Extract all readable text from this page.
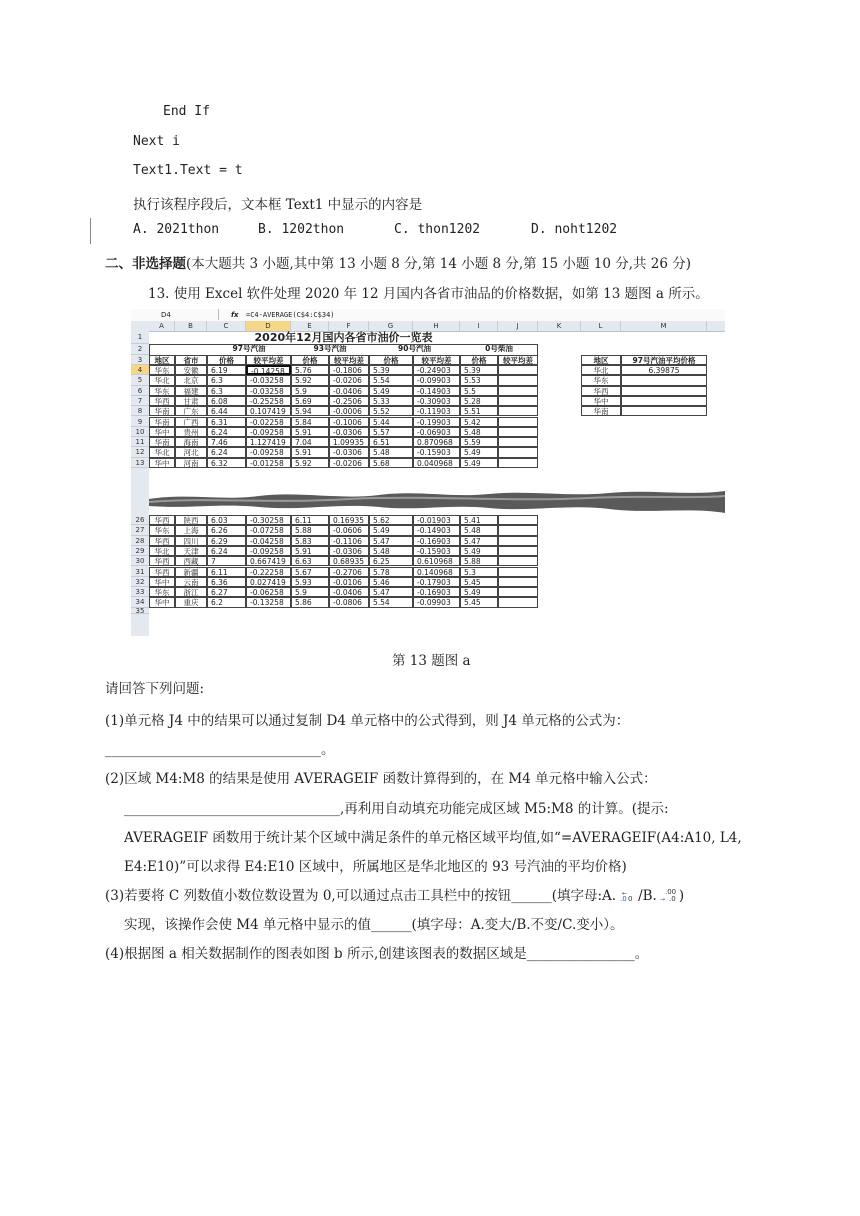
End If
Next i
Text1.Text = t
执行该程序段后，文本框 Text1 中显示的内容是
A. 2021thon	B. 1202thon	C. thon1202	D. noht1202
二、非选择题(本大题共 3 小题,其中第 13 小题 8 分,第 14 小题 8 分,第 15 小题 10 分,共 26 分)
13. 使用 Excel 软件处理 2020 年 12 月国内各省市油品的价格数据，如第 13 题图 a 所示。
D4	fx =C4-AVERAGE(C$4:C$34)
A	B	C	D	E	F	G	H	I	J	K	L	M
1
2
3
4
5
6
7
8
9
10
11
12
13
26
27
28
29
30
31
32
33
34
35
2020年12月国内各省市油价一览表
97号汽油	93号汽油	90号汽油	0号柴油
地区	省市	价格	较平均差	价格	较平均差	价格	较平均差	价格	较平均差
华东	安徽	6.19	-0.14258	5.76	-0.1806	5.39	-0.24903	5.39
华北	北京	6.3	-0.03258	5.92	-0.0206	5.54	-0.09903	5.53
华东	福建	6.3	-0.03258	5.9	-0.0406	5.49	-0.14903	5.5
华西	甘肃	6.08	-0.25258	5.69	-0.2506	5.33	-0.30903	5.28
华南	广东	6.44	0.107419	5.94	-0.0006	5.52	-0.11903	5.51
华南	广西	6.31	-0.02258	5.84	-0.1006	5.44	-0.19903	5.42
华中	贵州	6.24	-0.09258	5.91	-0.0306	5.57	-0.06903	5.48
华南	海南	7.46	1.127419	7.04	1.09935	6.51	0.870968	5.59
华北	河北	6.24	-0.09258	5.91	-0.0306	5.48	-0.15903	5.49
华中	河南	6.32	-0.01258	5.92	-0.0206	5.68	0.040968	5.49
华西	陕西	6.03	-0.30258	6.11	0.16935	5.62	-0.01903	5.41
华东	上海	6.26	-0.07258	5.88	-0.0606	5.49	-0.14903	5.48
华西	四川	6.29	-0.04258	5.83	-0.1106	5.47	-0.16903	5.47
华北	天津	6.24	-0.09258	5.91	-0.0306	5.48	-0.15903	5.49
华西	西藏	7	0.667419	6.63	0.68935	6.25	0.610968	5.88
华西	新疆	6.11	-0.22258	5.67	-0.2706	5.78	0.140968	5.3
华中	云南	6.36	0.027419	5.93	-0.0106	5.46	-0.17903	5.45
华东	浙江	6.27	-0.06258	5.9	-0.0406	5.47	-0.16903	5.49
华中	重庆	6.2	-0.13258	5.86	-0.0806	5.54	-0.09903	5.45
地区	97号汽油平均价格
华北	6.39875
华东
华西
华中
华南
第 13 题图 a
请回答下列问题:
(1)单元格 J4 中的结果可以通过复制 D4 单元格中的公式得到，则 J4 单元格的公式为：
________________________________。
(2)区域 M4:M8 的结果是使用 AVERAGEIF 函数计算得到的，在 M4 单元格中输入公式：
________________________________,再利用自动填充功能完成区域 M5:M8 的计算。(提示:
AVERAGEIF 函数用于统计某个区域中满足条件的单元格区域平均值,如“=AVERAGEIF(A4:A10, L4,
E4:E10)”可以求得 E4:E10 区域中，所属地区是华北地区的 93 号汽油的平均价格)
(3)若要将 C 列数值小数位数设置为 0,可以通过点击工具栏中的按钮______(填字母:A. ←
.0 0 /B. .00
→ .0 )
实现，该操作会使 M4 单元格中显示的值______(填字母：A.变大/B.不变/C.变小）。
(4)根据图 a 相关数据制作的图表如图 b 所示,创建该图表的数据区域是________________。
